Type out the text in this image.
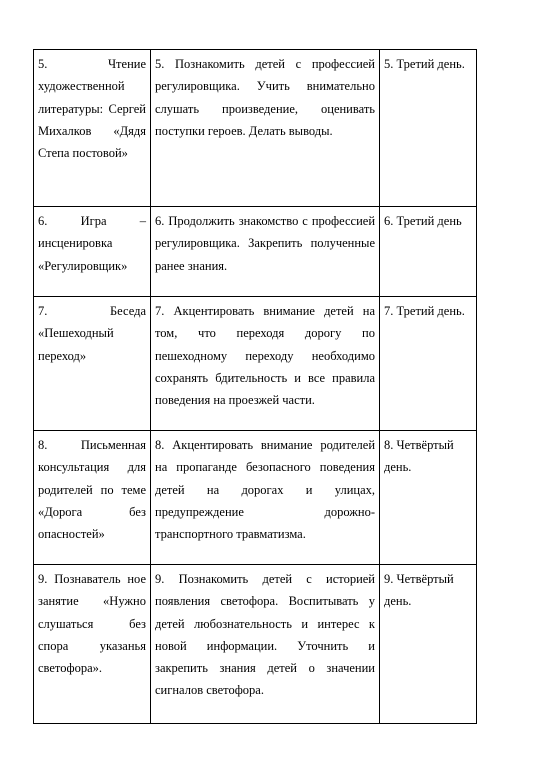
5.	Чтение художественной литературы: Сергей Михалков «Дядя Степа постовой»	5.	Познакомить детей с профессией регулировщика. Учить внимательно слушать произведение, оценивать поступки героев. Делать выводы.	5.	Третий день.
6.	Игра – инсценировка «Регулировщик»	6.	Продолжить знакомство с профессией регулировщика. Закрепить полученные ранее знания.	6.	Третий день
7.	Беседа «Пешеходный переход»	7.	Акцентировать внимание детей на том, что переходя дорогу по пешеходному переходу необходимо сохранять бдительность и все правила поведения на проезжей части.	7.	Третий день.
8.	Письменная консультация для родителей по теме «Дорога без опасностей»	8.	Акцентировать внимание родителей на пропаганде безопасного поведения детей на дорогах и улицах, предупреждение дорожно-транспортного травматизма.	8.	Четвёртый день.
9.	Познаватель ное занятие «Нужно слушаться без спора указанья светофора».	9.	Познакомить детей с историей появления светофора. Воспитывать у детей любознательность и интерес к новой информации. Уточнить и закрепить знания детей о значении сигналов светофора.	9.	Четвёртый день.
